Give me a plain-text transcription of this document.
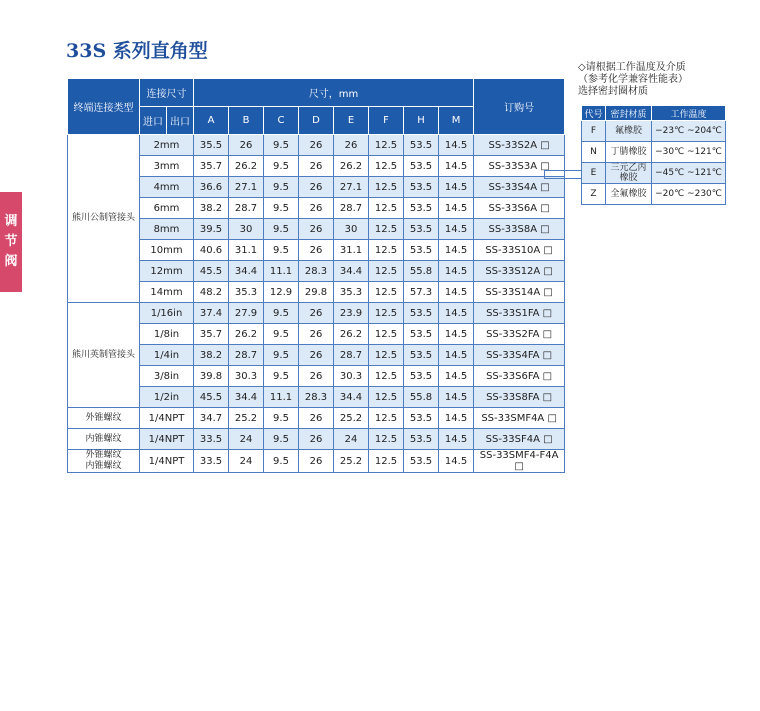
33S 系列直角型
调
节
阀
终端连接类型	连接尺寸		尺寸，mm								订购号
	进口	出口	A	B	C	D	E	F	H	M	

熊川公制管接头	2mm		35.5	26	9.5	26	26	12.5	53.5	14.5	SS-33S2A □
	3mm		35.7	26.2	9.5	26	26.2	12.5	53.5	14.5	SS-33S3A □
	4mm		36.6	27.1	9.5	26	27.1	12.5	53.5	14.5	SS-33S4A □
	6mm		38.2	28.7	9.5	26	28.7	12.5	53.5	14.5	SS-33S6A □
	8mm		39.5	30	9.5	26	30	12.5	53.5	14.5	SS-33S8A □
	10mm		40.6	31.1	9.5	26	31.1	12.5	53.5	14.5	SS-33S10A □
	12mm		45.5	34.4	11.1	28.3	34.4	12.5	55.8	14.5	SS-33S12A □
	14mm		48.2	35.3	12.9	29.8	35.3	12.5	57.3	14.5	SS-33S14A □

熊川英制管接头	1/16in		37.4	27.9	9.5	26	23.9	12.5	53.5	14.5	SS-33S1FA □
	1/8in		35.7	26.2	9.5	26	26.2	12.5	53.5	14.5	SS-33S2FA □
	1/4in		38.2	28.7	9.5	26	28.7	12.5	53.5	14.5	SS-33S4FA □
	3/8in		39.8	30.3	9.5	26	30.3	12.5	53.5	14.5	SS-33S6FA □
	1/2in		45.5	34.4	11.1	28.3	34.4	12.5	55.8	14.5	SS-33S8FA □

外锥螺纹	1/4NPT		34.7	25.2	9.5	26	25.2	12.5	53.5	14.5	SS-33SMF4A □

内锥螺纹	1/4NPT		33.5	24	9.5	26	24	12.5	53.5	14.5	SS-33SF4A □

外锥螺纹
内锥螺纹	1/4NPT		33.5	24	9.5	26	25.2	12.5	53.5	14.5	SS-33SMF4-F4A □
◇请根据工作温度及介质
（参考化学兼容性能表）
选择密封圈材质
代号	密封材质	工作温度
F	氟橡胶	−23℃ ~204℃
N	丁腈橡胶	−30℃ ~121℃
E	三元乙丙橡胶	−45℃ ~121℃
Z	全氟橡胶	−20℃ ~230℃
